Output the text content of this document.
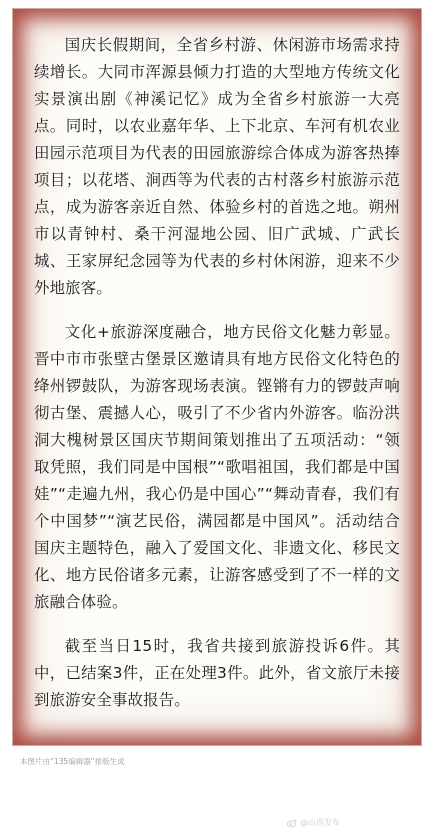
国庆长假期间，全省乡村游、休闲游市场需求持续增长。大同市浑源县倾力打造的大型地方传统文化实景演出剧《神溪记忆》成为全省乡村旅游一大亮点。同时，以农业嘉年华、上下北京、车河有机农业田园示范项目为代表的田园旅游综合体成为游客热捧项目；以花塔、涧西等为代表的古村落乡村旅游示范点，成为游客亲近自然、体验乡村的首选之地。朔州市以青钟村、桑干河湿地公园、旧广武城、广武长城、王家屏纪念园等为代表的乡村休闲游，迎来不少外地旅客。

文化+旅游深度融合，地方民俗文化魅力彰显。晋中市市张壁古堡景区邀请具有地方民俗文化特色的绛州锣鼓队，为游客现场表演。铿锵有力的锣鼓声响彻古堡、震撼人心，吸引了不少省内外游客。临汾洪洞大槐树景区国庆节期间策划推出了五项活动：“领取凭照，我们同是中国根”“歌唱祖国，我们都是中国娃”“走遍九州，我心仍是中国心”“舞动青春，我们有个中国梦”“演艺民俗，满园都是中国风”。活动结合国庆主题特色，融入了爱国文化、非遗文化、移民文化、地方民俗诸多元素，让游客感受到了不一样的文旅融合体验。

截至当日15时，我省共接到旅游投诉6件。其中，已结案3件，正在处理3件。此外，省文旅厅未接到旅游安全事故报告。

本图片由“135编辑器”排版生成
@山西发布
